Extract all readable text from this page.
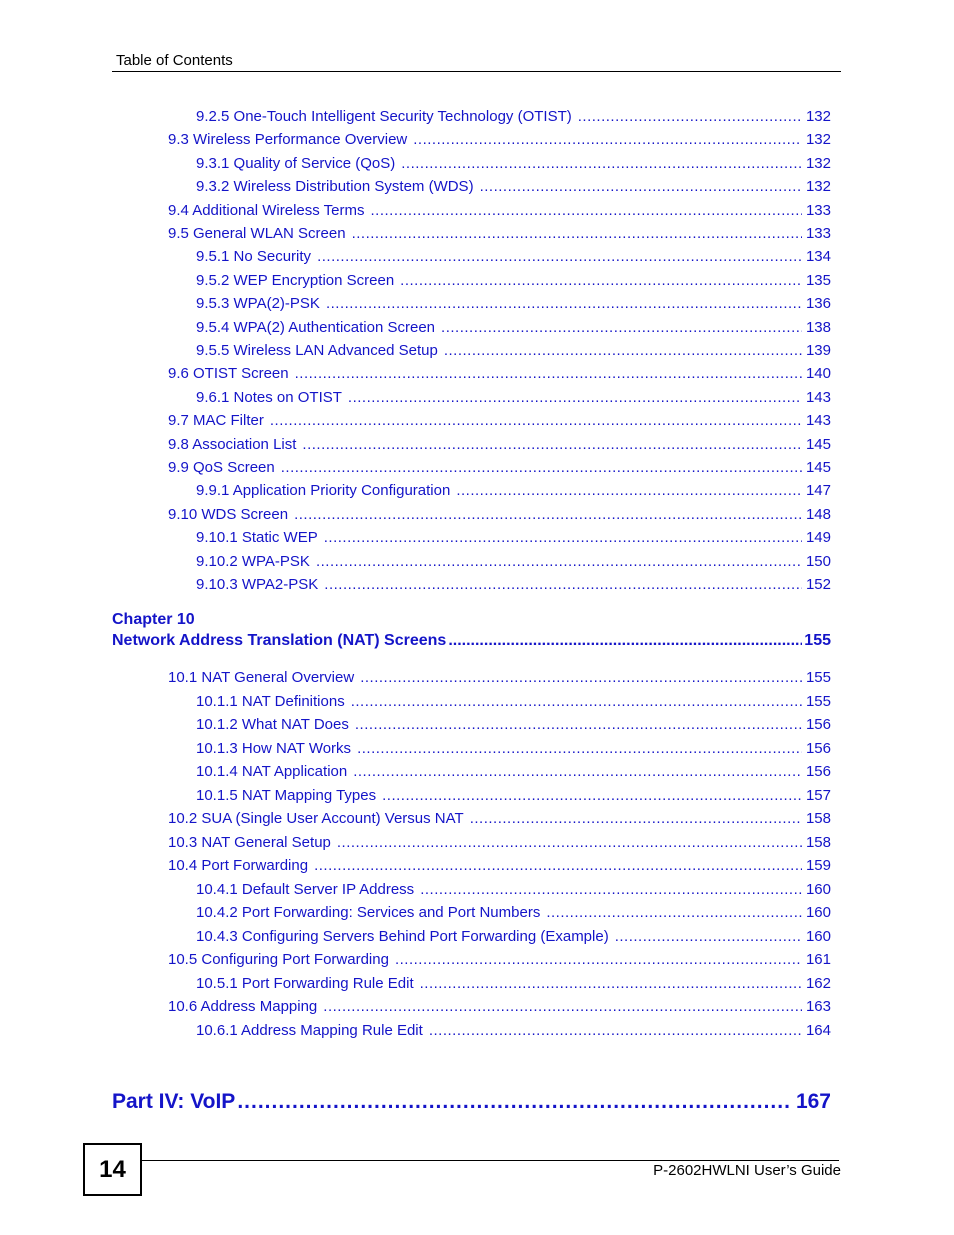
Table of Contents
9.2.5 One-Touch Intelligent Security Technology (OTIST) .....	132
9.3 Wireless Performance Overview .....	132
9.3.1 Quality of Service (QoS) .....	132
9.3.2 Wireless Distribution System (WDS) .....	132
9.4 Additional Wireless Terms .....	133
9.5 General WLAN Screen .....	133
9.5.1 No Security .....	134
9.5.2 WEP Encryption Screen .....	135
9.5.3 WPA(2)-PSK .....	136
9.5.4 WPA(2) Authentication Screen .....	138
9.5.5 Wireless LAN Advanced Setup .....	139
9.6 OTIST Screen .....	140
9.6.1 Notes on OTIST .....	143
9.7 MAC Filter .....	143
9.8 Association List .....	145
9.9 QoS Screen .....	145
9.9.1 Application Priority Configuration .....	147
9.10 WDS Screen .....	148
9.10.1 Static WEP .....	149
9.10.2 WPA-PSK .....	150
9.10.3 WPA2-PSK .....	152
Chapter 10
Network Address Translation (NAT) Screens .....	155
10.1 NAT General Overview .....	155
10.1.1 NAT Definitions .....	155
10.1.2 What NAT Does .....	156
10.1.3 How NAT Works .....	156
10.1.4 NAT Application .....	156
10.1.5 NAT Mapping Types .....	157
10.2 SUA (Single User Account) Versus NAT .....	158
10.3 NAT General Setup .....	158
10.4 Port Forwarding .....	159
10.4.1 Default Server IP Address .....	160
10.4.2 Port Forwarding: Services and Port Numbers .....	160
10.4.3 Configuring Servers Behind Port Forwarding (Example) .....	160
10.5 Configuring Port Forwarding .....	161
10.5.1 Port Forwarding Rule Edit .....	162
10.6 Address Mapping .....	163
10.6.1 Address Mapping Rule Edit .....	164
Part IV: VoIP .....	167
14	P-2602HWLNI User’s Guide
